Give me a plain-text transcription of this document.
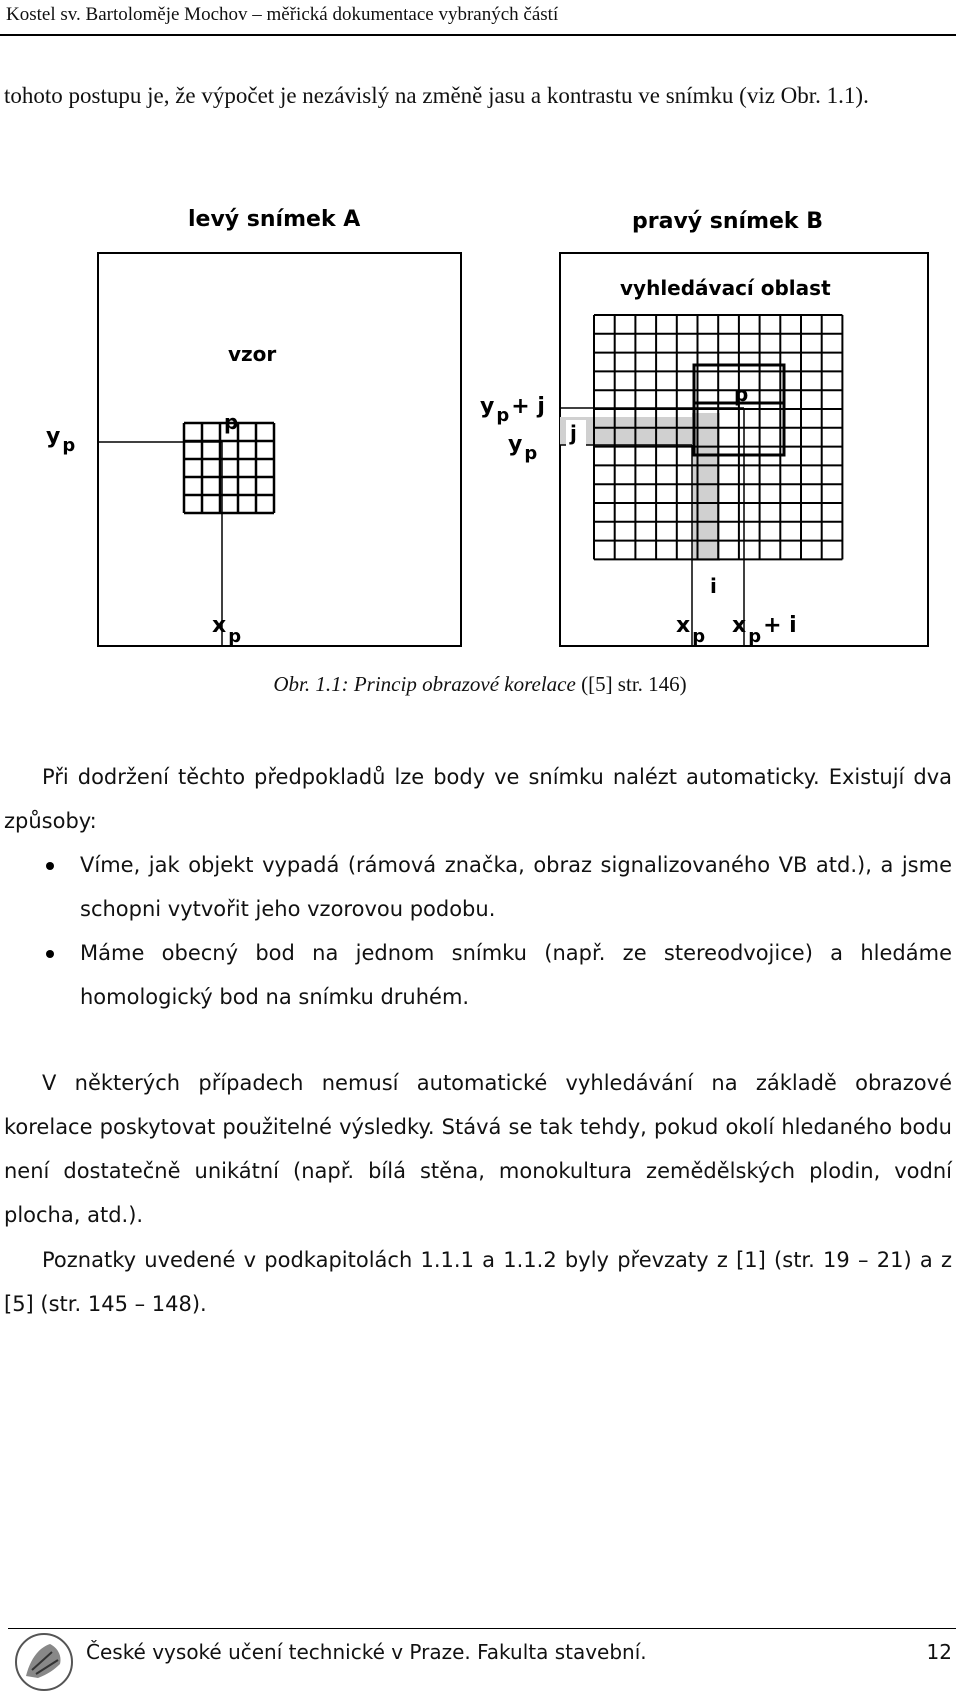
Kostel sv. Bartoloměje Mochov – měřická dokumentace vybraných částí

tohoto postupu je, že výpočet je nezávislý na změně jasu a kontrastu ve snímku (viz Obr. 1.1).

levý snímek A	pravý snímek B
vzor
p
y $_p$
x $_p$
vyhledávací oblast
p
j
i
y $_p$+ j
y $_p$
x $_p$ x $_p$+ i
Obr. 1.1: Princip obrazové korelace ([5] str. 146)

Při dodržení těchto předpokladů lze body ve snímku nalézt automaticky. Existují dva způsoby:

Víme, jak objekt vypadá (rámová značka, obraz signalizovaného VB atd.), a jsme schopni vytvořit jeho vzorovou podobu.
Máme obecný bod na jednom snímku (např. ze stereodvojice) a hledáme homologický bod na snímku druhém.

V některých případech nemusí automatické vyhledávání na základě obrazové korelace poskytovat použitelné výsledky. Stává se tak tehdy, pokud okolí hledaného bodu není dostatečně unikátní (např. bílá stěna, monokultura zemědělských plodin, vodní plocha, atd.).

Poznatky uvedené v podkapitolách 1.1.1 a 1.1.2 byly převzaty z [1] (str. 19 – 21) a z [5] (str. 145 – 148).

České vysoké učení technické v Praze. Fakulta stavební.	12
